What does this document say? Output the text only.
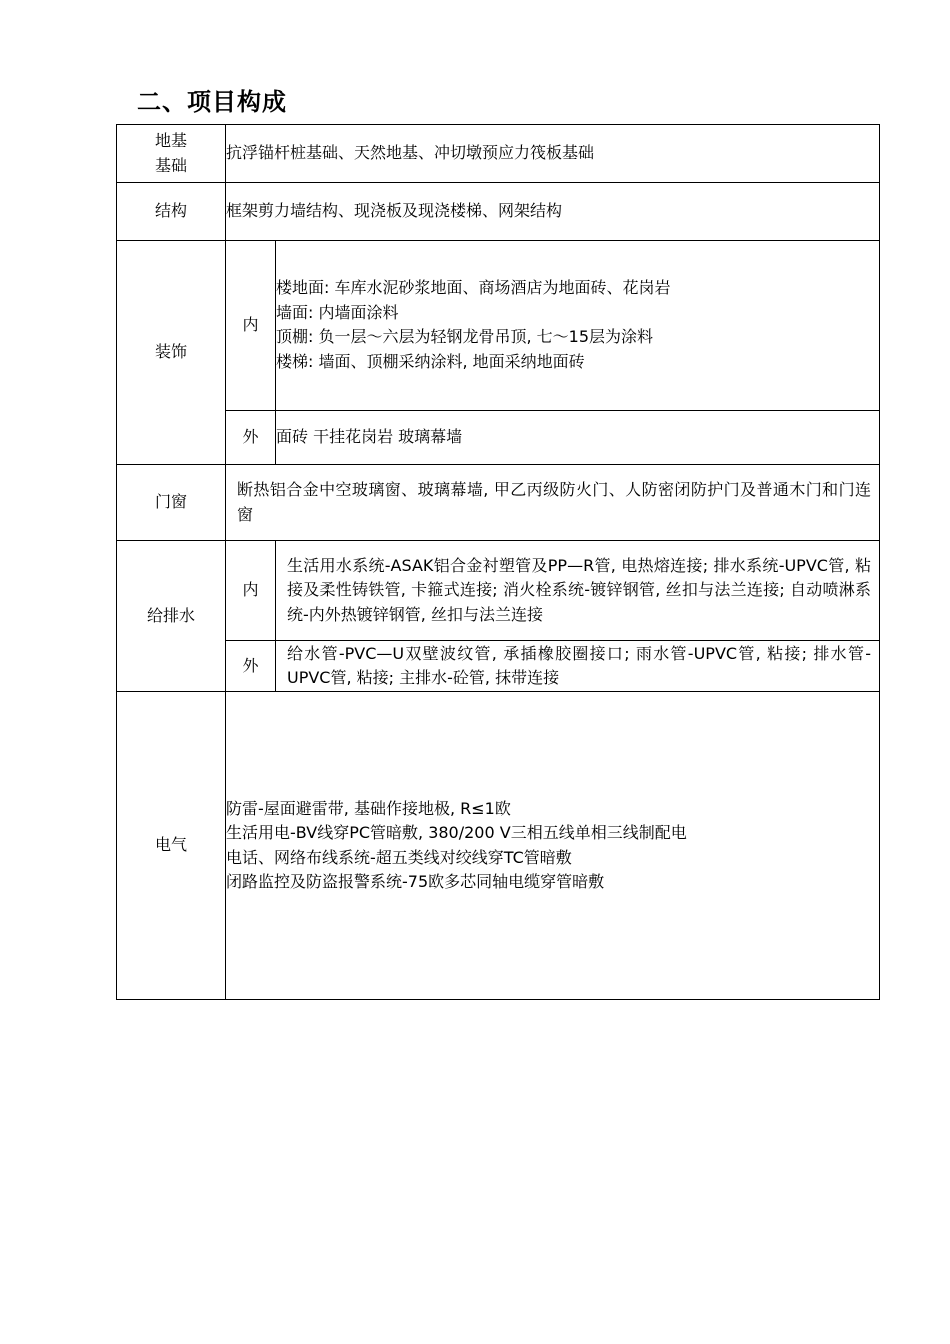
二、项目构成
地基
基础	抗浮锚杆桩基础、天然地基、冲切墩预应力筏板基础	
结构	框架剪力墙结构、现浇板及现浇楼梯、网架结构	
装饰	内	楼地面: 车库水泥砂浆地面、商场酒店为地面砖、花岗岩
墙面: 内墙面涂料
顶棚: 负一层～六层为轻钢龙骨吊顶, 七～15层为涂料
楼梯: 墙面、顶棚采纳涂料, 地面采纳地面砖

	外	面砖 干挂花岗岩 玻璃幕墙
门窗	断热铝合金中空玻璃窗、玻璃幕墙, 甲乙丙级防火门、人防密闭防护门及普通木门和门连窗	

给排水	内	生活用水系统-ASAK铝合金衬塑管及PP—R管, 电热熔连接; 排水系统-UPVC管, 粘接及柔性铸铁管, 卡箍式连接; 消火栓系统-镀锌钢管, 丝扣与法兰连接; 自动喷淋系统-内外热镀锌钢管, 丝扣与法兰连接

	外	给水管-PVC—U双壁波纹管, 承插橡胶圈接口; 雨水管-UPVC管, 粘接; 排水管-UPVC管, 粘接; 主排水-砼管, 抹带连接

电气	防雷-屋面避雷带, 基础作接地极, R≤1欧
生活用电-BV线穿PC管暗敷, 380/200 V三相五线单相三线制配电
电话、网络布线系统-超五类线对绞线穿TC管暗敷
闭路监控及防盗报警系统-75欧多芯同轴电缆穿管暗敷	
